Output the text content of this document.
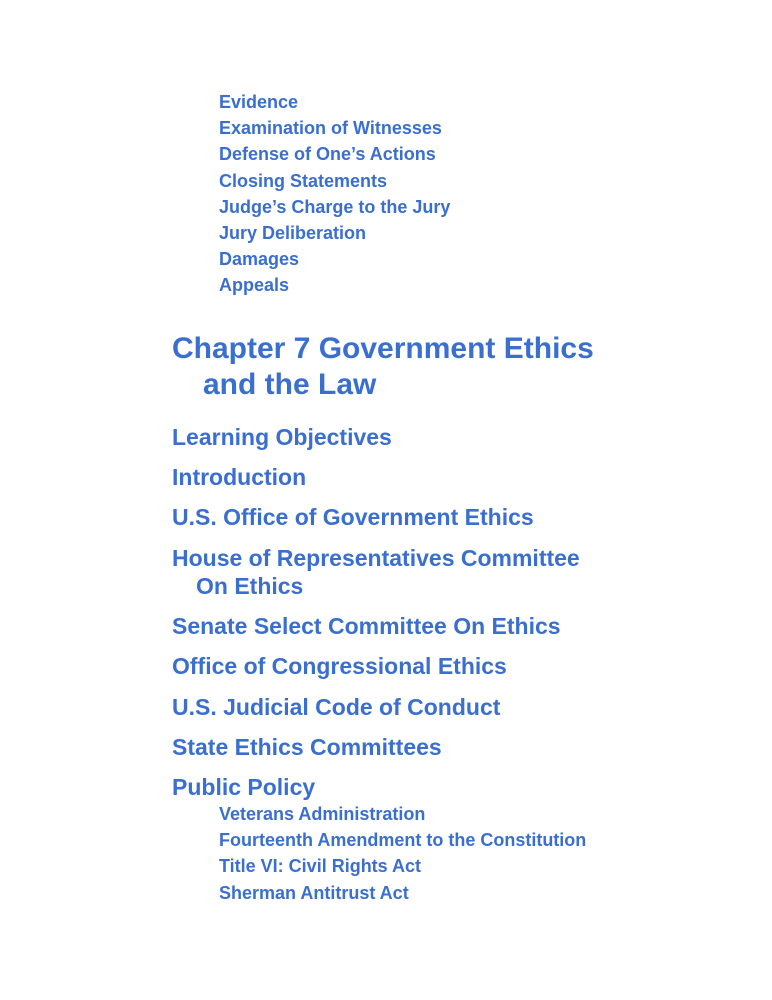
Evidence
Examination of Witnesses
Defense of One’s Actions
Closing Statements
Judge’s Charge to the Jury
Jury Deliberation
Damages
Appeals
Chapter 7 Government Ethics
and the Law
Learning Objectives
Introduction
U.S. Office of Government Ethics
House of Representatives Committee
On Ethics
Senate Select Committee On Ethics
Office of Congressional Ethics
U.S. Judicial Code of Conduct
State Ethics Committees
Public Policy
Veterans Administration
Fourteenth Amendment to the Constitution
Title VI: Civil Rights Act
Sherman Antitrust Act
